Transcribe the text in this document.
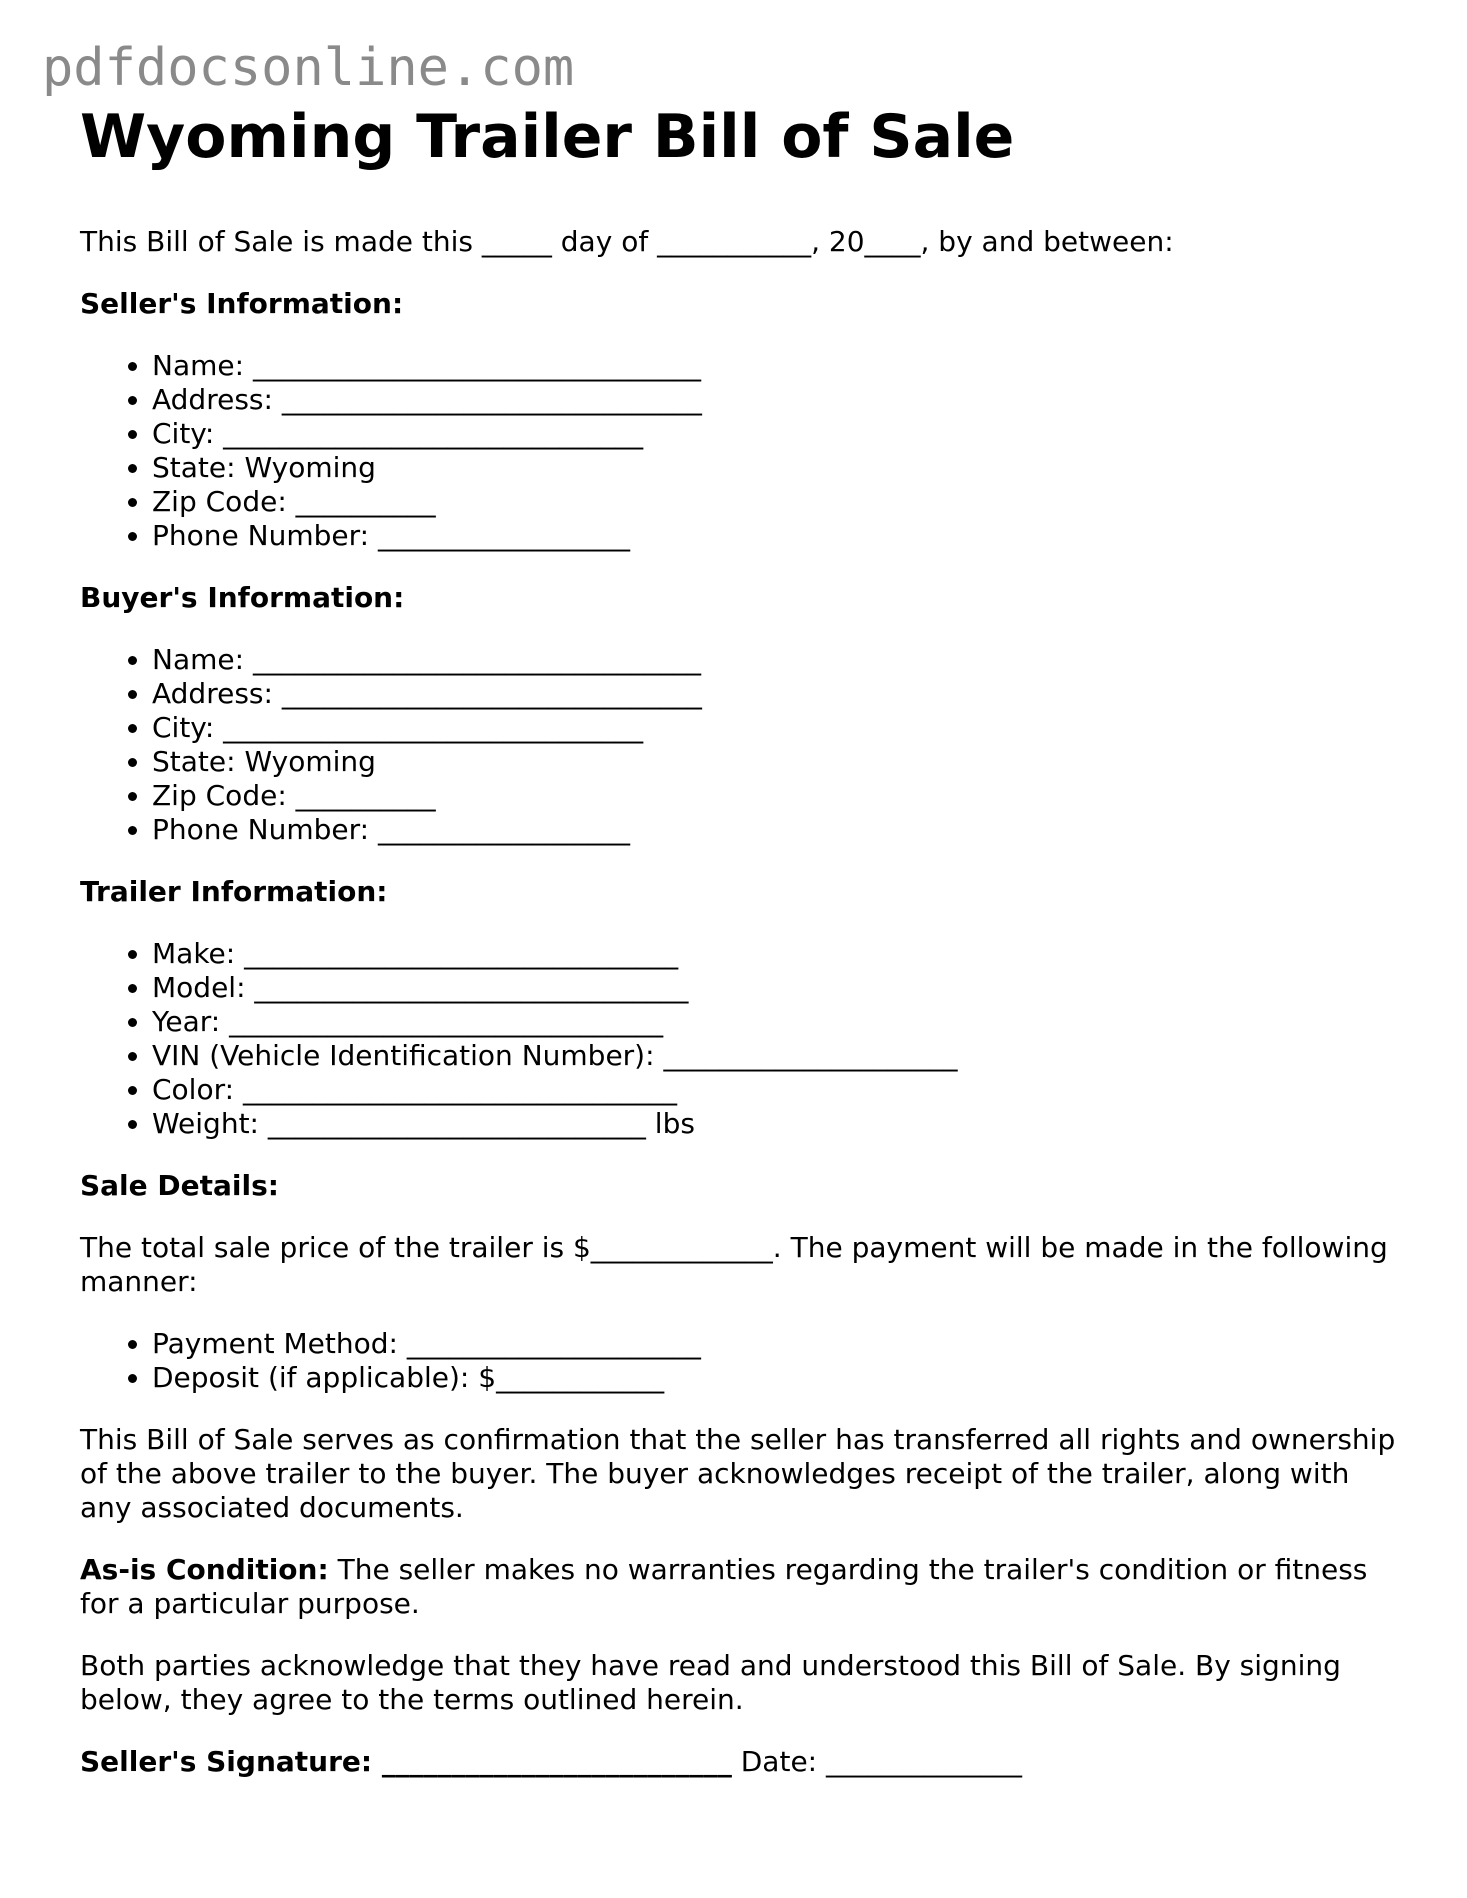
pdfdocsonline.com
Wyoming Trailer Bill of Sale
This Bill of Sale is made this _____ day of ___________, 20____, by and between:
Seller's Information:
• Name: ________________________________
• Address: ______________________________
• City: ______________________________
• State: Wyoming
• Zip Code: __________
• Phone Number: __________________
Buyer's Information:
• Name: ________________________________
• Address: ______________________________
• City: ______________________________
• State: Wyoming
• Zip Code: __________
• Phone Number: __________________
Trailer Information:
• Make: _______________________________
• Model: _______________________________
• Year: _______________________________
• VIN (Vehicle Identification Number): _____________________
• Color: _______________________________
• Weight: ___________________________ lbs
Sale Details:

The total sale price of the trailer is $_____________. The payment will be made in the following manner:

• Payment Method: _____________________
• Deposit (if applicable): $____________

This Bill of Sale serves as confirmation that the seller has transferred all rights and ownership of the above trailer to the buyer. The buyer acknowledges receipt of the trailer, along with any associated documents.

As-is Condition: The seller makes no warranties regarding the trailer's condition or fitness for a particular purpose.

Both parties acknowledge that they have read and understood this Bill of Sale. By signing below, they agree to the terms outlined herein.

Seller's Signature: _________________________ Date: ______________
